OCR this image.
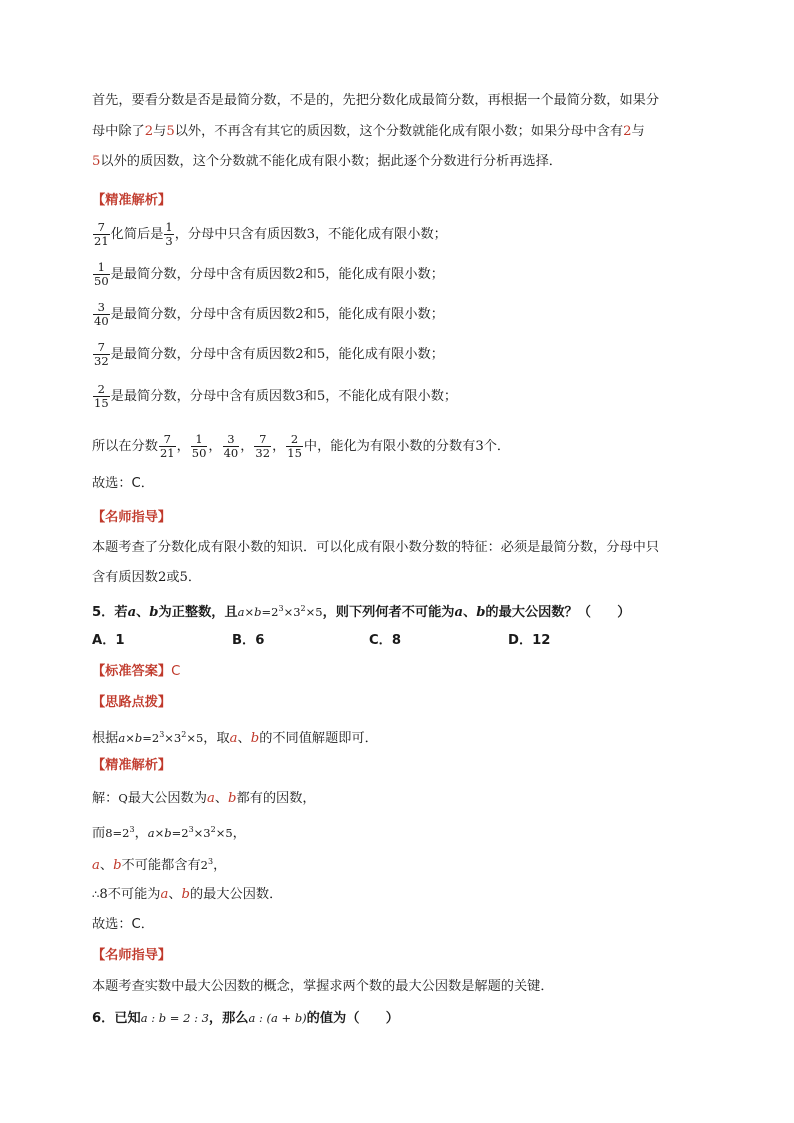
首先，要看分数是否是最简分数，不是的，先把分数化成最简分数，再根据一个最简分数，如果分
母中除了2与5以外，不再含有其它的质因数，这个分数就能化成有限小数；如果分母中含有2与
5以外的质因数，这个分数就不能化成有限小数；据此逐个分数进行分析再选择．
【精准解析】
$\frac{7}{21}$ 化简后是 $\frac{1}{3}$ ，分母中只含有质因数3，不能化成有限小数；
$\frac{1}{50}$ 是最简分数，分母中含有质因数2和5，能化成有限小数；
$\frac{3}{40}$ 是最简分数，分母中含有质因数2和5，能化成有限小数；
$\frac{7}{32}$ 是最简分数，分母中含有质因数2和5，能化成有限小数；
$\frac{2}{15}$ 是最简分数，分母中含有质因数3和5，不能化成有限小数；
所以在分数 $\frac{7}{21}$ ， $\frac{1}{50}$ ， $\frac{3}{40}$ ， $\frac{7}{32}$ ， $\frac{2}{15}$ 中，能化为有限小数的分数有3个．
故选：C．
【名师指导】
本题考查了分数化成有限小数的知识．可以化成有限小数分数的特征：必须是最简分数，分母中只
含有质因数2或5．
5．若a、b为正整数，且$a\times b=2^3\times 3^2\times 5$，则下列何者不可能为a、b的最大公因数？（　　）
A．1	B．6	C．8	D．12
【标准答案】C
【思路点拨】
根据$a\times b=2^3\times 3^2\times 5$，取a、b的不同值解题即可．
【精准解析】
解：Q最大公因数为a、b都有的因数，
而$8=2^3$，$a\times b=2^3\times 3^2\times 5$，
a、b不可能都含有$2^3$，
∴8不可能为a、b的最大公因数．
故选：C．
【名师指导】
本题考查实数中最大公因数的概念，掌握求两个数的最大公因数是解题的关键．
6．已知a : b = 2 : 3，那么a : (a + b)的值为（　　）
